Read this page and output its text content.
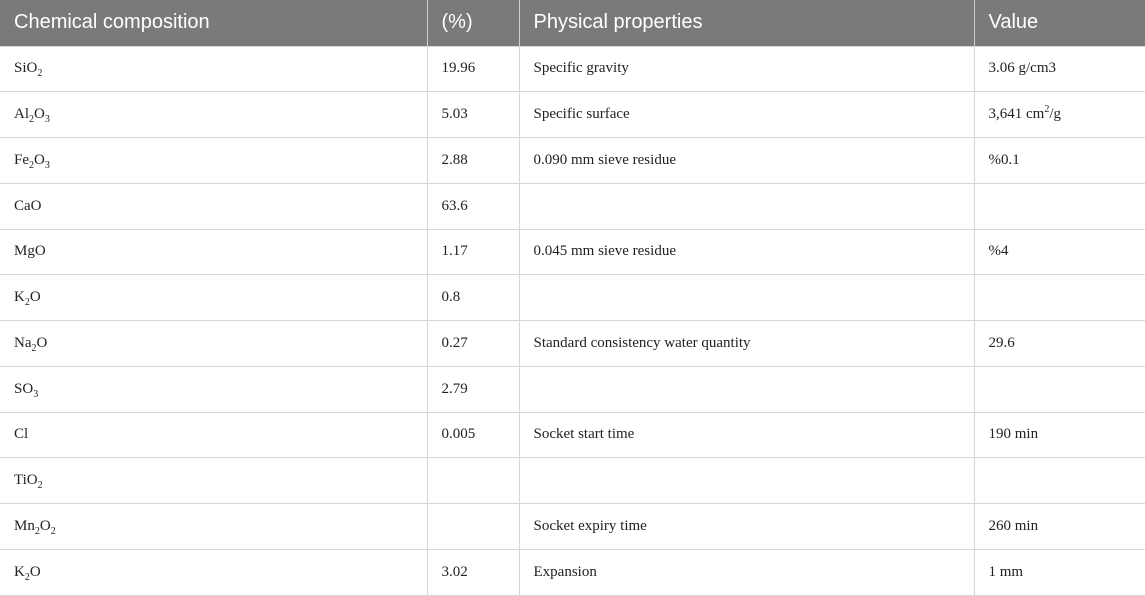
Chemical composition	(%)	Physical properties	Value
SiO$_2$	19.96	Specific gravity	3.06 g/cm3
$Al_2O_3$	5.03	Specific surface	3,641 $cm^2/g$
$Fe_2O_3$	2.88	0.090 mm sieve residue	%0.1
CaO	63.6		
MgO	1.17	0.045 mm sieve residue	%4
$K_2O$	0.8		
$Na_2O$	0.27	Standard consistency water quantity	29.6
$SO_3$	2.79		
Cl	0.005	Socket start time	190 min
TiO$_2$			
$Mn_2O_2$		Socket expiry time	260 min
$K_2O$	3.02	Expansion	1 mm
